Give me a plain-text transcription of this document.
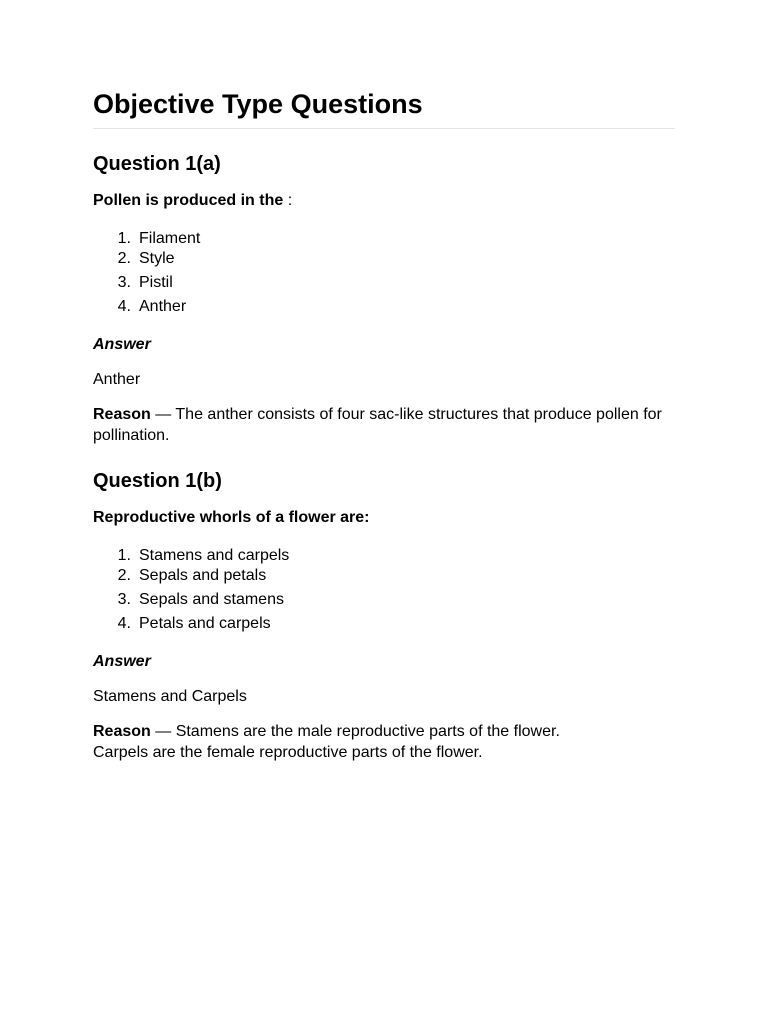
Objective Type Questions
Question 1(a)

Pollen is produced in the :

1. Filament
2. Style
3. Pistil
4. Anther

Answer

Anther

Reason — The anther consists of four sac-like structures that produce pollen for pollination.

Question 1(b)

Reproductive whorls of a flower are:

1. Stamens and carpels
2. Sepals and petals
3. Sepals and stamens
4. Petals and carpels

Answer

Stamens and Carpels

Reason — Stamens are the male reproductive parts of the flower.
Carpels are the female reproductive parts of the flower.
